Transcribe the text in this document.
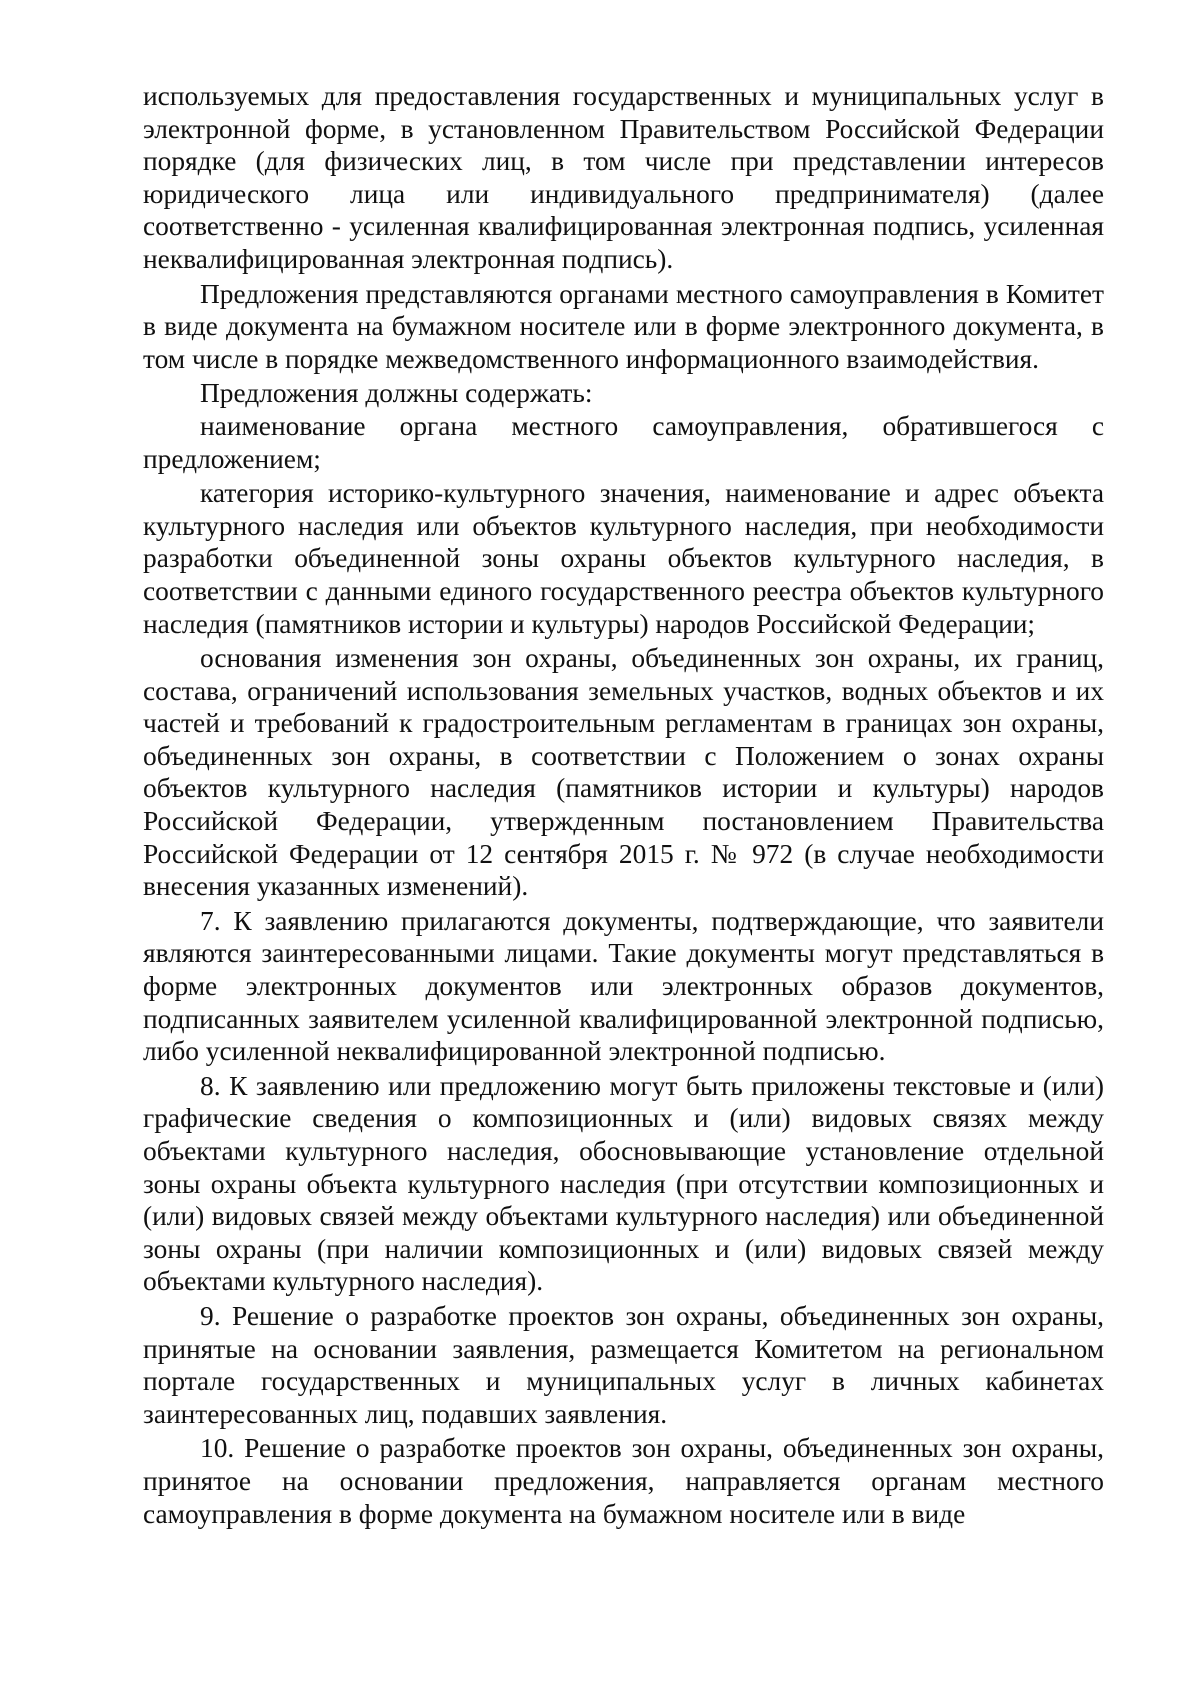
используемых для предоставления государственных и муниципальных услуг в электронной форме, в установленном Правительством Российской Федерации порядке (для физических лиц, в том числе при представлении интересов юридического лица или индивидуального предпринимателя) (далее соответственно - усиленная квалифицированная электронная подпись, усиленная неквалифицированная электронная подпись).

Предложения представляются органами местного самоуправления в Комитет в виде документа на бумажном носителе или в форме электронного документа, в том числе в порядке межведомственного информационного взаимодействия.

Предложения должны содержать:

наименование органа местного самоуправления, обратившегося с предложением;

категория историко-культурного значения, наименование и адрес объекта культурного наследия или объектов культурного наследия, при необходимости разработки объединенной зоны охраны объектов культурного наследия, в соответствии с данными единого государственного реестра объектов культурного наследия (памятников истории и культуры) народов Российской Федерации;

основания изменения зон охраны, объединенных зон охраны, их границ, состава, ограничений использования земельных участков, водных объектов и их частей и требований к градостроительным регламентам в границах зон охраны, объединенных зон охраны, в соответствии с Положением о зонах охраны объектов культурного наследия (памятников истории и культуры) народов Российской Федерации, утвержденным постановлением Правительства Российской Федерации от 12 сентября 2015 г. № 972 (в случае необходимости внесения указанных изменений).

7. К заявлению прилагаются документы, подтверждающие, что заявители являются заинтересованными лицами. Такие документы могут представляться в форме электронных документов или электронных образов документов, подписанных заявителем усиленной квалифицированной электронной подписью, либо усиленной неквалифицированной электронной подписью.

8. К заявлению или предложению могут быть приложены текстовые и (или) графические сведения о композиционных и (или) видовых связях между объектами культурного наследия, обосновывающие установление отдельной зоны охраны объекта культурного наследия (при отсутствии композиционных и (или) видовых связей между объектами культурного наследия) или объединенной зоны охраны (при наличии композиционных и (или) видовых связей между объектами культурного наследия).

9. Решение о разработке проектов зон охраны, объединенных зон охраны, принятые на основании заявления, размещается Комитетом на региональном портале государственных и муниципальных услуг в личных кабинетах заинтересованных лиц, подавших заявления.

10. Решение о разработке проектов зон охраны, объединенных зон охраны, принятое на основании предложения, направляется органам местного самоуправления в форме документа на бумажном носителе или в виде
